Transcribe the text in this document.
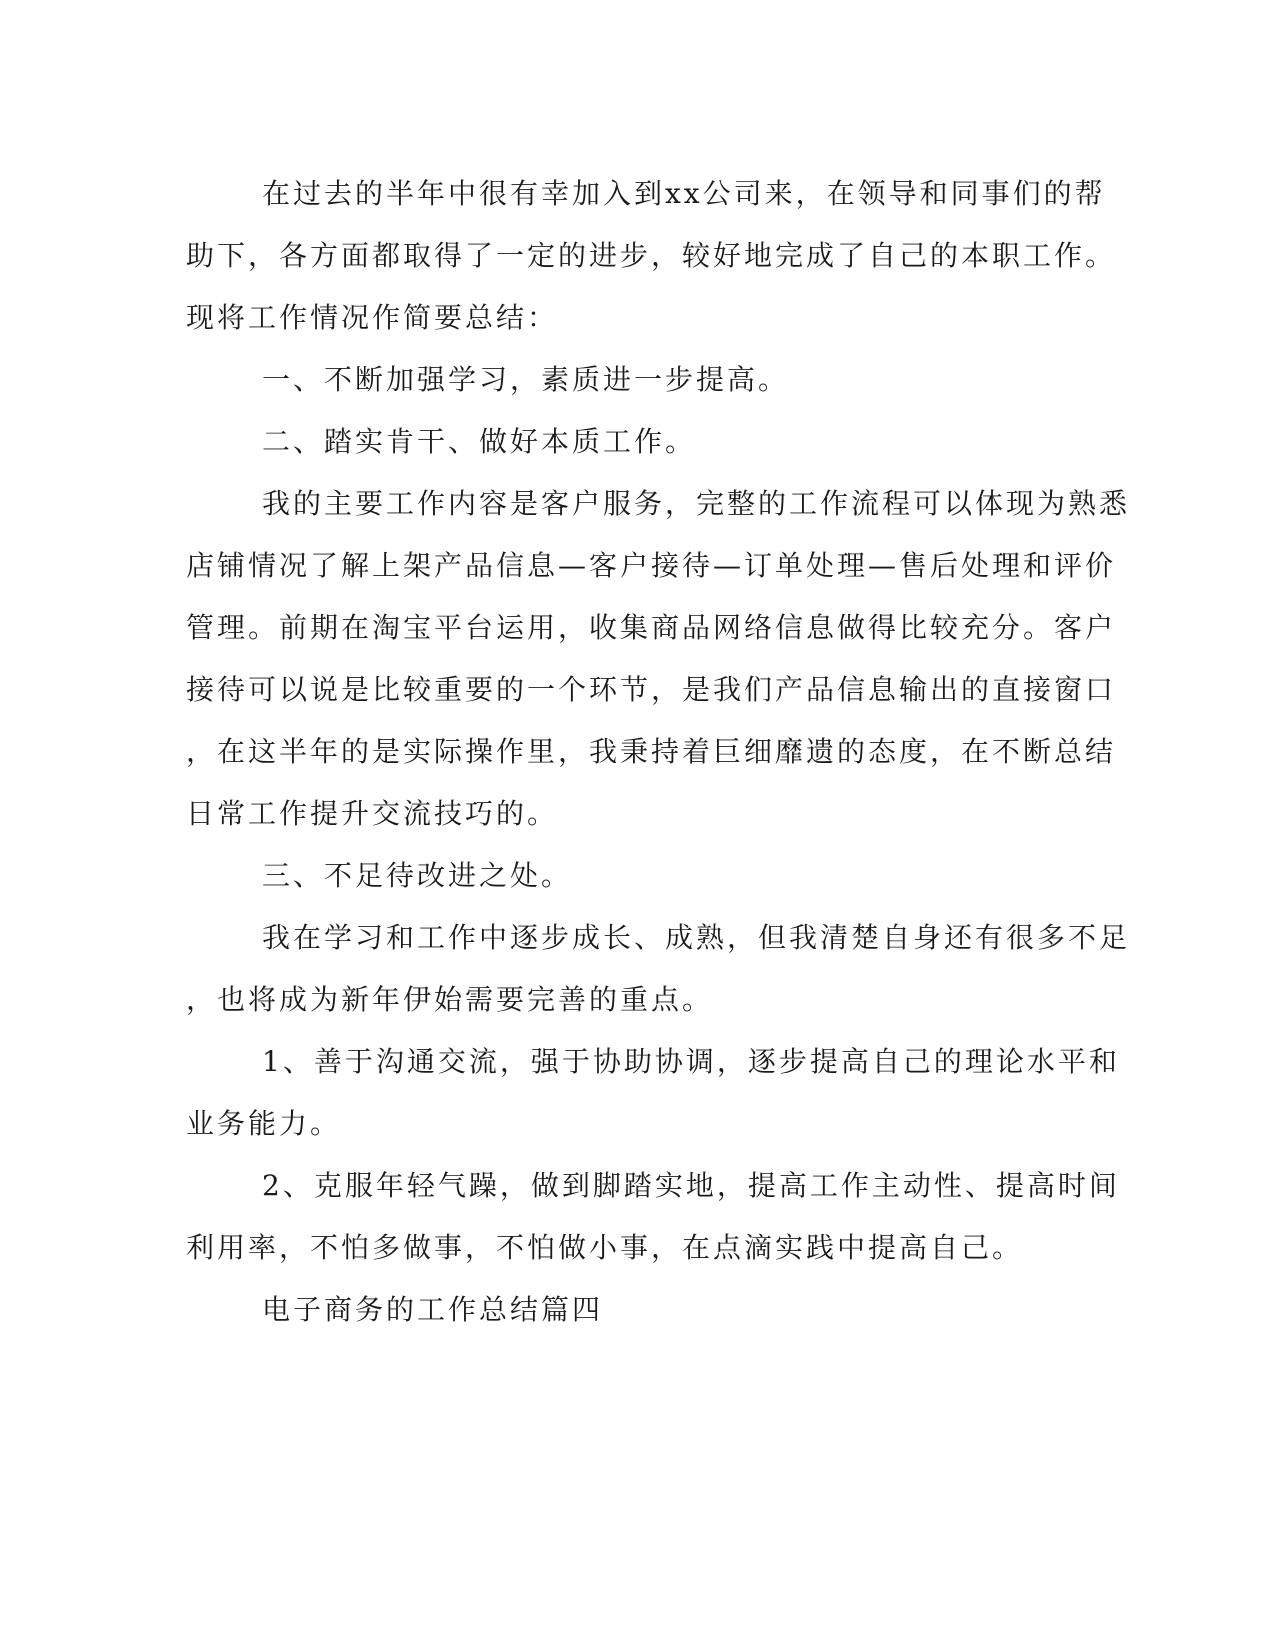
在过去的半年中很有幸加入到xx公司来，在领导和同事们的帮
助下，各方面都取得了一定的进步，较好地完成了自己的本职工作。
现将工作情况作简要总结：
一、不断加强学习，素质进一步提高。
二、踏实肯干、做好本质工作。
我的主要工作内容是客户服务，完整的工作流程可以体现为熟悉
店铺情况了解上架产品信息—客户接待—订单处理—售后处理和评价
管理。前期在淘宝平台运用，收集商品网络信息做得比较充分。客户
接待可以说是比较重要的一个环节，是我们产品信息输出的直接窗口
，在这半年的是实际操作里，我秉持着巨细靡遗的态度，在不断总结
日常工作提升交流技巧的。
三、不足待改进之处。
我在学习和工作中逐步成长、成熟，但我清楚自身还有很多不足
，也将成为新年伊始需要完善的重点。
1、善于沟通交流，强于协助协调，逐步提高自己的理论水平和
业务能力。
2、克服年轻气躁，做到脚踏实地，提高工作主动性、提高时间
利用率，不怕多做事，不怕做小事，在点滴实践中提高自己。
电子商务的工作总结篇四
